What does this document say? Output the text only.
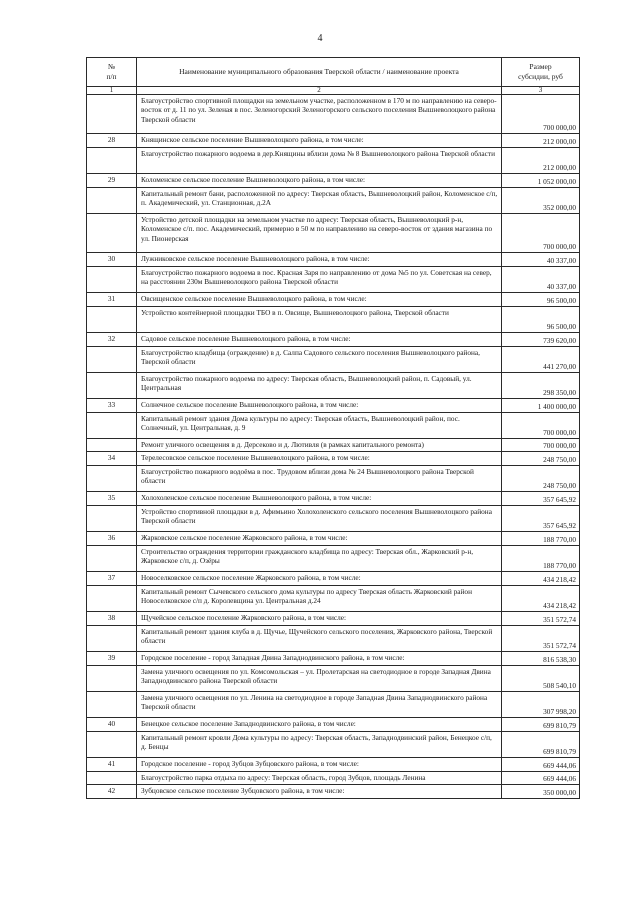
4
№
п/п	Наименование муниципального образования Тверской области / наименование проекта	Размер
субсидии, руб
1	2	3
	Благоустройство спортивной площадки на земельном участке, расположенном в 170 м по направлению на северо-восток от д. 11 по ул. Зеленая в пос. Зеленогорский Зеленогорского сельского поселения Вышневолоцкого района Тверской области	700 000,00
28	Княщинское сельское поселение Вышневолоцкого района, в том числе:	212 000,00
	Благоустройство пожарного водоема в дер.Княщины вблизи дома № 8 Вышневолоцкого района Тверской области	212 000,00
29	Коломенское сельское поселение Вышневолоцкого района, в том числе:	1 052 000,00
	Капитальный ремонт бани, расположенной по адресу: Тверская область, Вышневолоцкий район, Коломенское с/п, п. Академический, ул. Станционная, д.2А	352 000,00
	Устройство детской площадки на земельном участке по адресу: Тверская область, Вышневолоцкий р-н, Коломенское с/п. пос. Академический, примерно в 50 м по направлению на северо-восток от здания магазина по ул. Пионерская	700 000,00
30	Лужниковское сельское поселение Вышневолоцкого района, в том числе:	40 337,00
	Благоустройство пожарного водоема в пос. Красная Заря по направлению от дома №5 по ул. Советская на север, на расстоянии 230м Вышневолоцкого района Тверской области	40 337,00
31	Овсищенское сельское поселение Вышневолоцкого района, в том числе:	96 500,00
	Устройство контейнерной площадки ТБО в п. Овсище, Вышневолоцкого района, Тверской области	96 500,00
32	Садовое сельское поселение Вышневолоцкого района, в том числе:	739 620,00
	Благоустройство кладбища (ограждение) в д. Салпа Садового сельского поселения Вышневолоцкого района, Тверской области	441 270,00
	Благоустройство пожарного водоема по адресу: Тверская область, Вышневолоцкий район, п. Садовый, ул. Центральная	298 350,00
33	Солнечное сельское поселение Вышневолоцкого района, в том числе:	1 400 000,00
	Капитальный ремонт здания Дома культуры по адресу: Тверская область, Вышневолоцкий район, пос. Солнечный, ул. Центральная, д. 9	700 000,00
	Ремонт уличного освещения в д. Дерсеково и д. Лютивля (в рамках капитального ремонта)	700 000,00
34	Терелесовское сельское поселение Вышневолоцкого района, в том числе:	248 750,00
	Благоустройство пожарного водоёма в пос. Трудовом вблизи дома № 24 Вышневолоцкого района Тверской области	248 750,00
35	Холохоленское сельское поселение Вышневолоцкого района, в том числе:	357 645,92
	Устройство спортивной площадки в д. Афимьино Холохоленского сельского поселения Вышневолоцкого района Тверской области	357 645,92
36	Жарковское сельское поселение Жарковского района, в том числе:	188 770,00
	Строительство ограждения территории гражданского кладбища по адресу: Тверская обл., Жарковский р-н, Жарковское с/п, д. Озёры	188 770,00
37	Новоселковское сельское поселение Жарковского района, в том числе:	434 218,42
	Капитальный ремонт Сычевского сельского дома культуры по адресу Тверская область Жарковский район Новоселковское с/п д. Королевщина ул. Центральная д.24	434 218,42
38	Щучейское сельское поселение Жарковского района, в том числе:	351 572,74
	Капитальный ремонт здания клуба в д. Щучье, Щучейского сельского поселения, Жарковского района, Тверской области	351 572,74
39	Городское поселение - город Западная Двина Западнодвинского района, в том числе:	816 538,30
	Замена уличного освещения по ул. Комсомольская – ул. Пролетарская на светодиодное в городе Западная Двина Западнодвинского района Тверской области	508 540,10
	Замена уличного освещения по ул. Ленина на светодиодное в городе Западная Двина Западнодвинского района Тверской области	307 998,20
40	Бенецкое сельское поселение Западнодвинского района, в том числе:	699 810,79
	Капитальный ремонт кровли Дома культуры по адресу: Тверская область, Западнодвинский район, Бенецкое с/п, д. Бенцы	699 810,79
41	Городское поселение - город Зубцов Зубцовского района, в том числе:	669 444,06
	Благоустройство парка отдыха по адресу: Тверская область, город Зубцов, площадь Ленина	669 444,06
42	Зубцовское сельское поселение Зубцовского района, в том числе:	350 000,00
